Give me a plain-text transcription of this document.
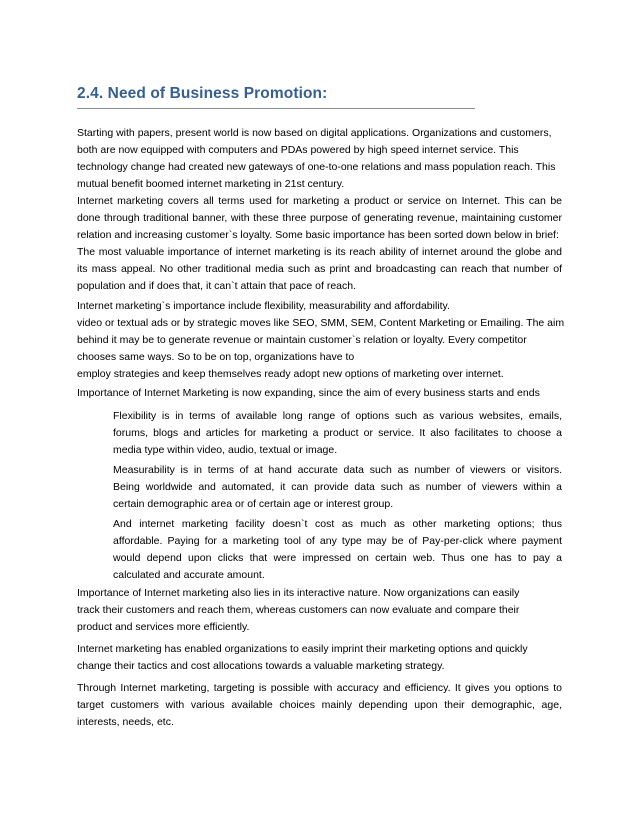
2.4. Need of Business Promotion:
Starting with papers, present world is now based on digital applications. Organizations and customers,
both are now equipped with computers and PDAs powered by high speed internet service. This
technology change had created new gateways of one-to-one relations and mass population reach. This
mutual benefit boomed internet marketing in 21st century.
Internet marketing covers all terms used for marketing a product or service on Internet. This can be
done through traditional banner, with these three purpose of generating revenue, maintaining customer
relation and increasing customer`s loyalty. Some basic importance has been sorted down below in brief:
The most valuable importance of internet marketing is its reach ability of internet around the globe and
its mass appeal. No other traditional media such as print and broadcasting can reach that number of
population and if does that, it can`t attain that pace of reach.
Internet marketing`s importance include flexibility, measurability and affordability.
video or textual ads or by strategic moves like SEO, SMM, SEM, Content Marketing or Emailing. The aim
behind it may be to generate revenue or maintain customer`s relation or loyalty. Every competitor
chooses same ways. So to be on top, organizations have to
employ strategies and keep themselves ready adopt new options of marketing over internet.
Importance of Internet Marketing is now expanding, since the aim of every business starts and ends
Flexibility is in terms of available long range of options such as various websites, emails,
forums, blogs and articles for marketing a product or service. It also facilitates to choose a
media type within video, audio, textual or image.
Measurability is in terms of at hand accurate data such as number of viewers or visitors.
Being worldwide and automated, it can provide data such as number of viewers within a
certain demographic area or of certain age or interest group.
And internet marketing facility doesn`t cost as much as other marketing options; thus
affordable. Paying for a marketing tool of any type may be of Pay-per-click where payment
would depend upon clicks that were impressed on certain web. Thus one has to pay a
calculated and accurate amount.
Importance of Internet marketing also lies in its interactive nature. Now organizations can easily
track their customers and reach them, whereas customers can now evaluate and compare their
product and services more efficiently.
Internet marketing has enabled organizations to easily imprint their marketing options and quickly
change their tactics and cost allocations towards a valuable marketing strategy.
Through Internet marketing, targeting is possible with accuracy and efficiency. It gives you options to
target customers with various available choices mainly depending upon their demographic, age,
interests, needs, etc.
